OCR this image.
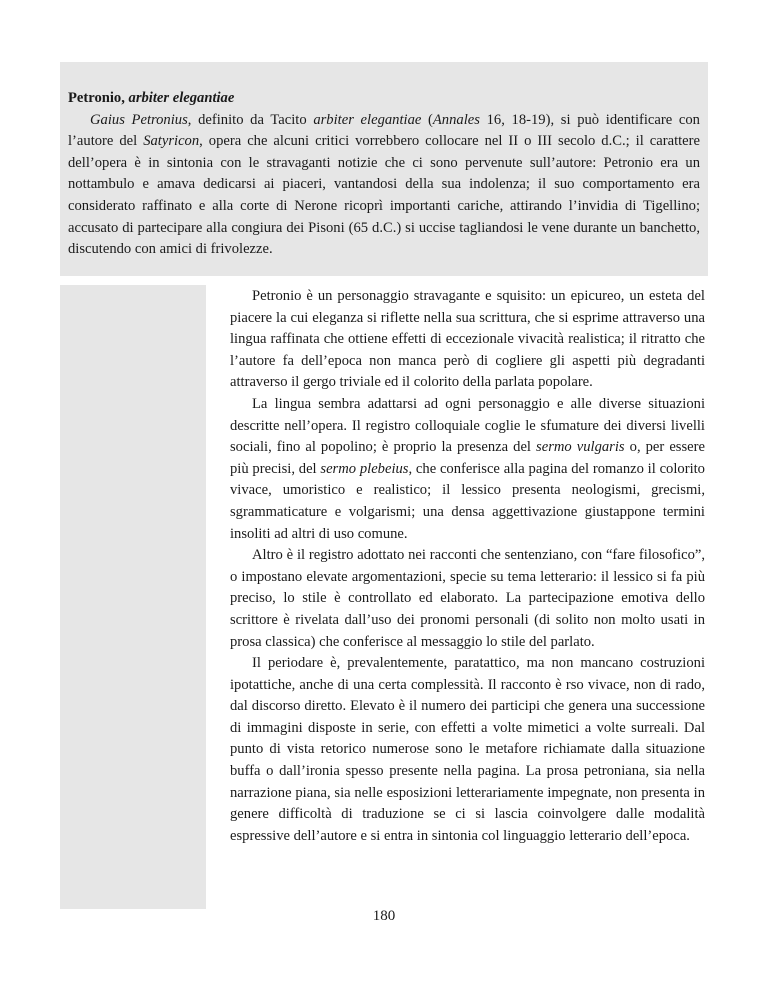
Petronio, arbiter elegantiae

Gaius Petronius, definito da Tacito arbiter elegantiae (Annales 16, 18-19), si può identificare con l’autore del Satyricon, opera che alcuni critici vorrebbero collocare nel II o III secolo d.C.; il carattere dell’opera è in sintonia con le stravaganti notizie che ci sono pervenute sull’autore: Petronio era un nottambulo e amava dedicarsi ai piaceri, vantandosi della sua indolenza; il suo comportamento era considerato raffinato e alla corte di Nerone ricoprì importanti cariche, attirando l’invidia di Tigellino; accusato di partecipare alla congiura dei Pisoni (65 d.C.) si uccise tagliandosi le vene durante un banchetto, discutendo con amici di frivolezze.

Petronio è un personaggio stravagante e squisito: un epicureo, un esteta del piacere la cui eleganza si riflette nella sua scrittura, che si esprime attraverso una lingua raffinata che ottiene effetti di eccezionale vivacità realistica; il ritratto che l’autore fa dell’epoca non manca però di cogliere gli aspetti più degradanti attraverso il gergo triviale ed il colorito della parlata popolare.

La lingua sembra adattarsi ad ogni personaggio e alle diverse situazioni descritte nell’opera. Il registro colloquiale coglie le sfumature dei diversi livelli sociali, fino al popolino; è proprio la presenza del sermo vulgaris o, per essere più precisi, del sermo plebeius, che conferisce alla pagina del romanzo il colorito vivace, umoristico e realistico; il lessico presenta neologismi, grecismi, sgrammaticature e volgarismi; una densa aggettivazione giustappone termini insoliti ad altri di uso comune.

Altro è il registro adottato nei racconti che sentenziano, con “fare filosofico”, o impostano elevate argomentazioni, specie su tema letterario: il lessico si fa più preciso, lo stile è controllato ed elaborato. La partecipazione emotiva dello scrittore è rivelata dall’uso dei pronomi personali (di solito non molto usati in prosa classica) che conferisce al messaggio lo stile del parlato.

Il periodare è, prevalentemente, paratattico, ma non mancano costruzioni ipotattiche, anche di una certa complessità. Il racconto è rso vivace, non di rado, dal discorso diretto. Elevato è il numero dei participi che genera una successione di immagini disposte in serie, con effetti a volte mimetici a volte surreali. Dal punto di vista retorico numerose sono le metafore richiamate dalla situazione buffa o dall’ironia spesso presente nella pagina. La prosa petroniana, sia nella narrazione piana, sia nelle esposizioni letterariamente impegnate, non presenta in genere difficoltà di traduzione se ci si lascia coinvolgere dalle modalità espressive dell’autore e si entra in sintonia col linguaggio letterario dell’epoca.

180
